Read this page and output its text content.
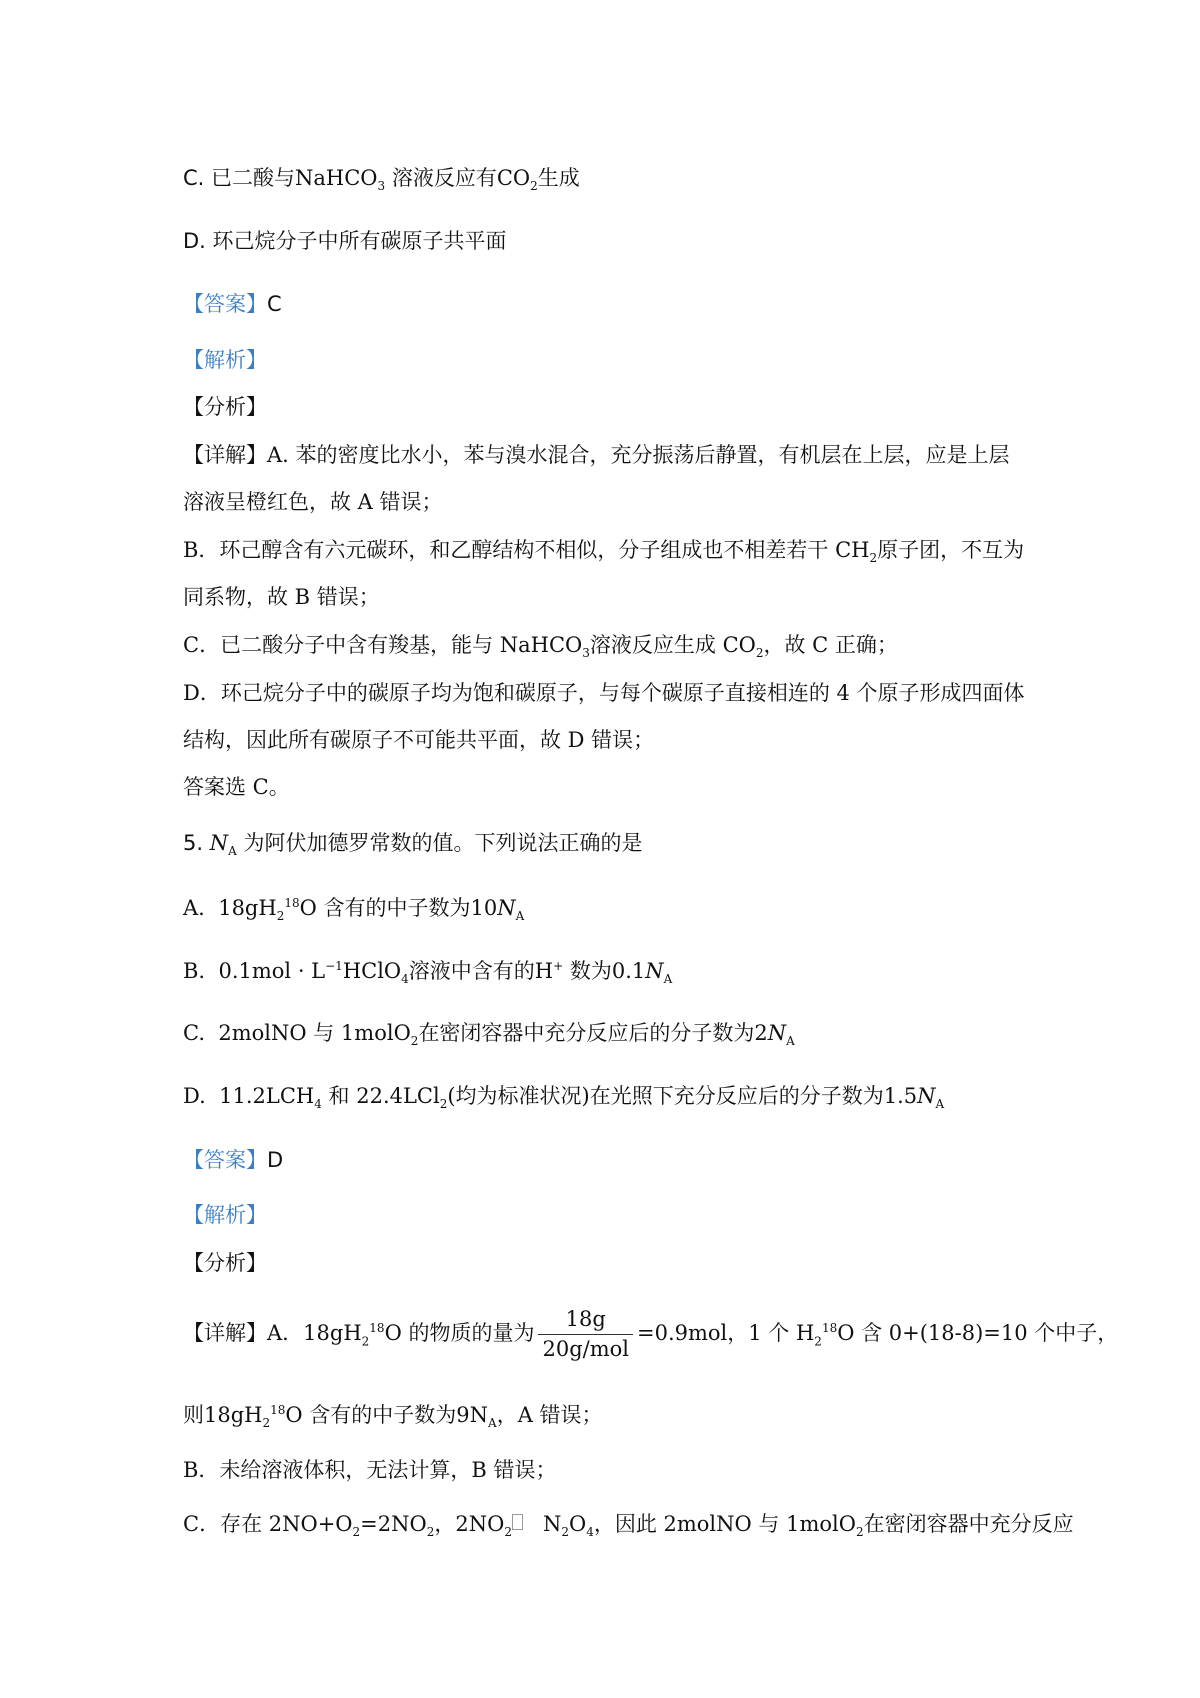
C. 已二酸与NaHCO$_3$ 溶液反应有$CO_2$生成
D. 环己烷分子中所有碳原子共平面
【答案】C
【解析】
【分析】
【详解】A. 苯的密度比水小，苯与溴水混合，充分振荡后静置，有机层在上层，应是上层
溶液呈橙红色，故 A 错误；
B．环己醇含有六元碳环，和乙醇结构不相似，分子组成也不相差若干 $CH_2$原子团，不互为
同系物，故 B 错误；
C．已二酸分子中含有羧基，能与 NaHCO$_3$溶液反应生成 $CO_2$，故 C 正确；
D．环己烷分子中的碳原子均为饱和碳原子，与每个碳原子直接相连的 4 个原子形成四面体
结构，因此所有碳原子不可能共平面，故 D 错误；
答案选 C。
5. $N_A$ 为阿伏加德罗常数的值。下列说法正确的是
A. $18gH_2^{18}O$ 含有的中子数为$10N_A$
B. $0.1mol \cdot L^{-1}HClO_4$溶液中含有的H+ 数为$0.1N_A$
C. 2molNO 与 1molO$_2$在密闭容器中充分反应后的分子数为$2N_A$
D. $11.2LCH_4$ 和 22.4LCl$_2$(均为标准状况)在光照下充分反应后的分子数为$1.5N_A$
【答案】D
【解析】
【分析】
【详解】A．$18gH_2^{18}O$ 的物质的量为 $\frac{18g}{\text{20g/mol}} =0.9mol$，1 个 $H_2^{18}O$ 含 0+(18-8)=10 个中子，
则$18gH_2^{18}O$ 含有的中子数为$9N_A$，A 错误；
B．未给溶液体积，无法计算，B 错误；
C．存在 $2NO+O_2=2NO_2$，$2NO_2$ $N_2O_4$，因此 2molNO 与 1molO$_2$在密闭容器中充分反应
